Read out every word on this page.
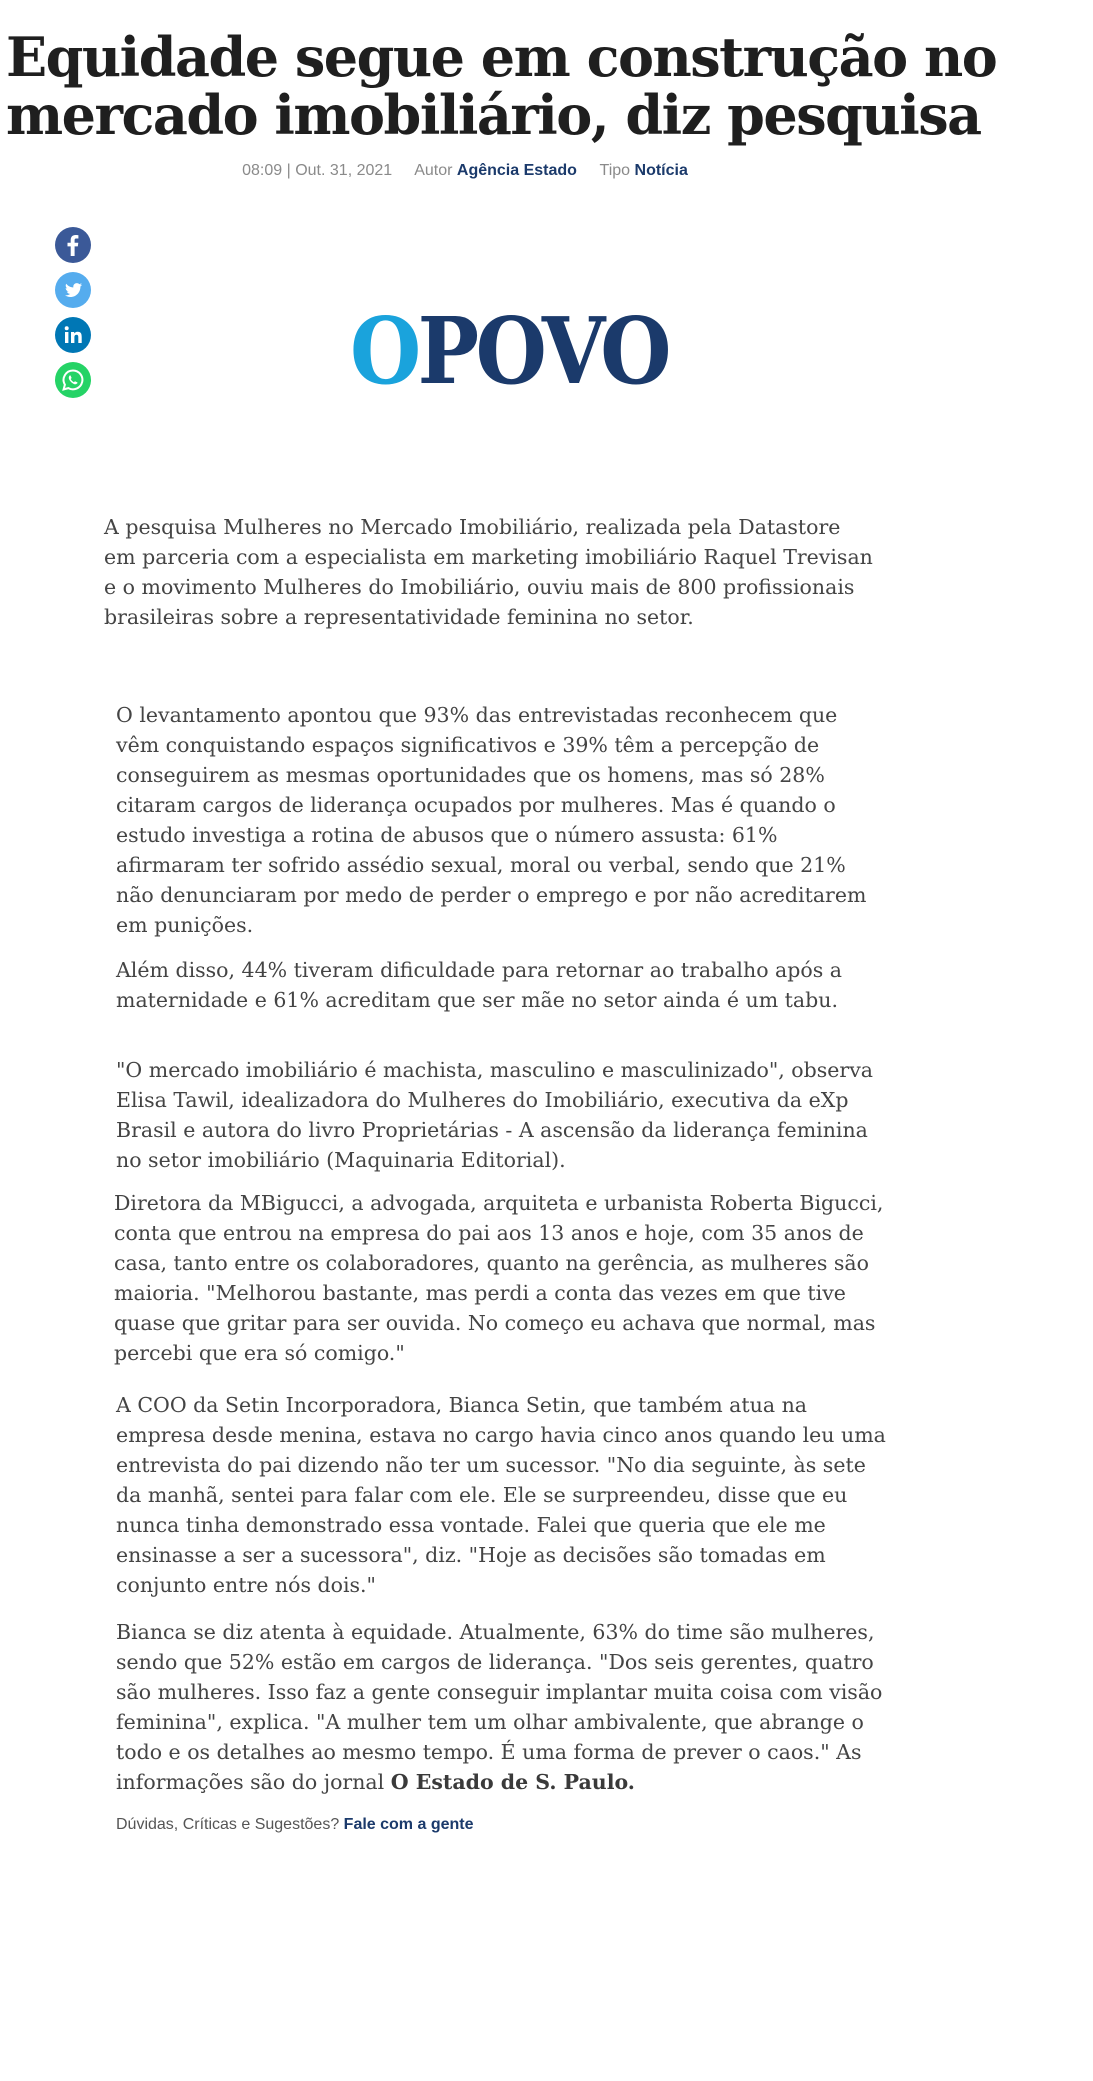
Equidade segue em construção no mercado imobiliário, diz pesquisa
08:09 | Out. 31, 2021 Autor Agência Estado Tipo Notícia
OPOVO

A pesquisa Mulheres no Mercado Imobiliário, realizada pela Datastore em parceria com a especialista em marketing imobiliário Raquel Trevisan e o movimento Mulheres do Imobiliário, ouviu mais de 800 profissionais brasileiras sobre a representatividade feminina no setor.

O levantamento apontou que 93% das entrevistadas reconhecem que vêm conquistando espaços significativos e 39% têm a percepção de conseguirem as mesmas oportunidades que os homens, mas só 28% citaram cargos de liderança ocupados por mulheres. Mas é quando o estudo investiga a rotina de abusos que o número assusta: 61% afirmaram ter sofrido assédio sexual, moral ou verbal, sendo que 21% não denunciaram por medo de perder o emprego e por não acreditarem em punições.

Além disso, 44% tiveram dificuldade para retornar ao trabalho após a maternidade e 61% acreditam que ser mãe no setor ainda é um tabu.

"O mercado imobiliário é machista, masculino e masculinizado", observa Elisa Tawil, idealizadora do Mulheres do Imobiliário, executiva da eXp Brasil e autora do livro Proprietárias - A ascensão da liderança feminina no setor imobiliário (Maquinaria Editorial).

Diretora da MBigucci, a advogada, arquiteta e urbanista Roberta Bigucci, conta que entrou na empresa do pai aos 13 anos e hoje, com 35 anos de casa, tanto entre os colaboradores, quanto na gerência, as mulheres são maioria. "Melhorou bastante, mas perdi a conta das vezes em que tive quase que gritar para ser ouvida. No começo eu achava que normal, mas percebi que era só comigo."

A COO da Setin Incorporadora, Bianca Setin, que também atua na empresa desde menina, estava no cargo havia cinco anos quando leu uma entrevista do pai dizendo não ter um sucessor. "No dia seguinte, às sete da manhã, sentei para falar com ele. Ele se surpreendeu, disse que eu nunca tinha demonstrado essa vontade. Falei que queria que ele me ensinasse a ser a sucessora", diz. "Hoje as decisões são tomadas em conjunto entre nós dois."

Bianca se diz atenta à equidade. Atualmente, 63% do time são mulheres, sendo que 52% estão em cargos de liderança. "Dos seis gerentes, quatro são mulheres. Isso faz a gente conseguir implantar muita coisa com visão feminina", explica. "A mulher tem um olhar ambivalente, que abrange o todo e os detalhes ao mesmo tempo. É uma forma de prever o caos." As informações são do jornal O Estado de S. Paulo.

Dúvidas, Críticas e Sugestões? Fale com a gente
